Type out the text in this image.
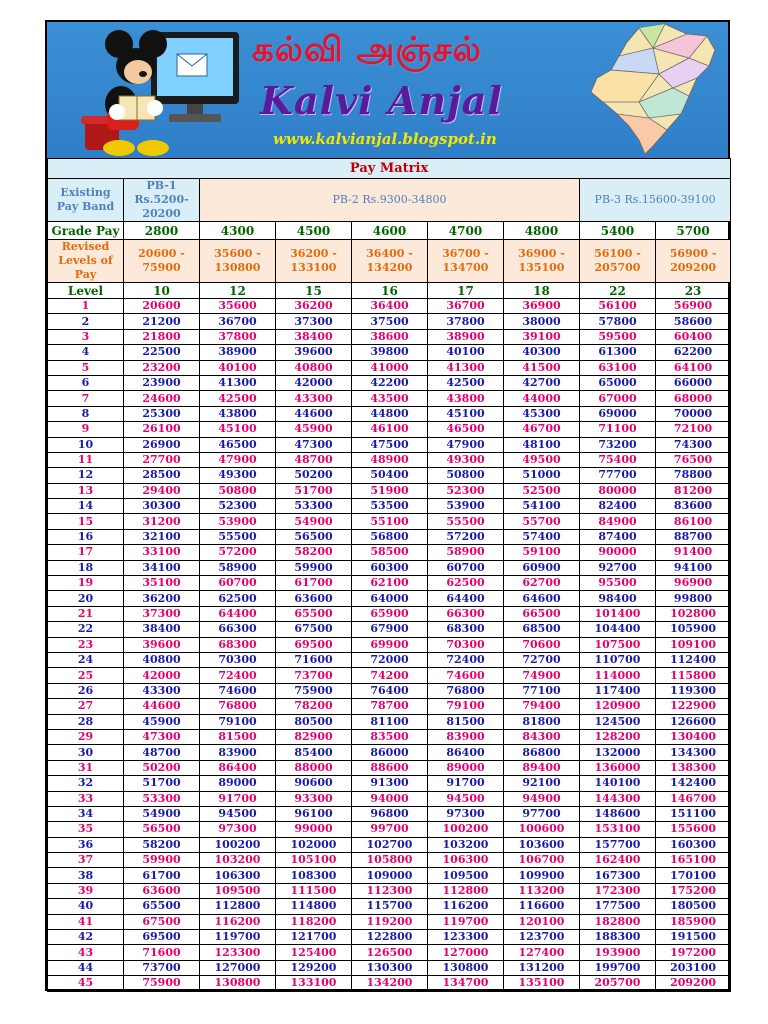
கல்வி அஞ்சல்
Kalvi Anjal
www.kalvianjal.blogspot.in
Pay Matrix								
Existing Pay Band	PB-1 Rs.5200-20200	PB-2 Rs.9300-34800					PB-3 Rs.15600-39100	
Grade Pay	2800	4300	4500	4600	4700	4800	5400	5700
Revised Levels of Pay	20600 - 75900	35600 - 130800	36200 - 133100	36400 - 134200	36700 - 134700	36900 - 135100	56100 - 205700	56900 - 209200
Level	10	12	15	16	17	18	22	23
1	20600	35600	36200	36400	36700	36900	56100	56900
2	21200	36700	37300	37500	37800	38000	57800	58600
3	21800	37800	38400	38600	38900	39100	59500	60400
4	22500	38900	39600	39800	40100	40300	61300	62200
5	23200	40100	40800	41000	41300	41500	63100	64100
6	23900	41300	42000	42200	42500	42700	65000	66000
7	24600	42500	43300	43500	43800	44000	67000	68000
8	25300	43800	44600	44800	45100	45300	69000	70000
9	26100	45100	45900	46100	46500	46700	71100	72100
10	26900	46500	47300	47500	47900	48100	73200	74300
11	27700	47900	48700	48900	49300	49500	75400	76500
12	28500	49300	50200	50400	50800	51000	77700	78800
13	29400	50800	51700	51900	52300	52500	80000	81200
14	30300	52300	53300	53500	53900	54100	82400	83600
15	31200	53900	54900	55100	55500	55700	84900	86100
16	32100	55500	56500	56800	57200	57400	87400	88700
17	33100	57200	58200	58500	58900	59100	90000	91400
18	34100	58900	59900	60300	60700	60900	92700	94100
19	35100	60700	61700	62100	62500	62700	95500	96900
20	36200	62500	63600	64000	64400	64600	98400	99800
21	37300	64400	65500	65900	66300	66500	101400	102800
22	38400	66300	67500	67900	68300	68500	104400	105900
23	39600	68300	69500	69900	70300	70600	107500	109100
24	40800	70300	71600	72000	72400	72700	110700	112400
25	42000	72400	73700	74200	74600	74900	114000	115800
26	43300	74600	75900	76400	76800	77100	117400	119300
27	44600	76800	78200	78700	79100	79400	120900	122900
28	45900	79100	80500	81100	81500	81800	124500	126600
29	47300	81500	82900	83500	83900	84300	128200	130400
30	48700	83900	85400	86000	86400	86800	132000	134300
31	50200	86400	88000	88600	89000	89400	136000	138300
32	51700	89000	90600	91300	91700	92100	140100	142400
33	53300	91700	93300	94000	94500	94900	144300	146700
34	54900	94500	96100	96800	97300	97700	148600	151100
35	56500	97300	99000	99700	100200	100600	153100	155600
36	58200	100200	102000	102700	103200	103600	157700	160300
37	59900	103200	105100	105800	106300	106700	162400	165100
38	61700	106300	108300	109000	109500	109900	167300	170100
39	63600	109500	111500	112300	112800	113200	172300	175200
40	65500	112800	114800	115700	116200	116600	177500	180500
41	67500	116200	118200	119200	119700	120100	182800	185900
42	69500	119700	121700	122800	123300	123700	188300	191500
43	71600	123300	125400	126500	127000	127400	193900	197200
44	73700	127000	129200	130300	130800	131200	199700	203100
45	75900	130800	133100	134200	134700	135100	205700	209200
